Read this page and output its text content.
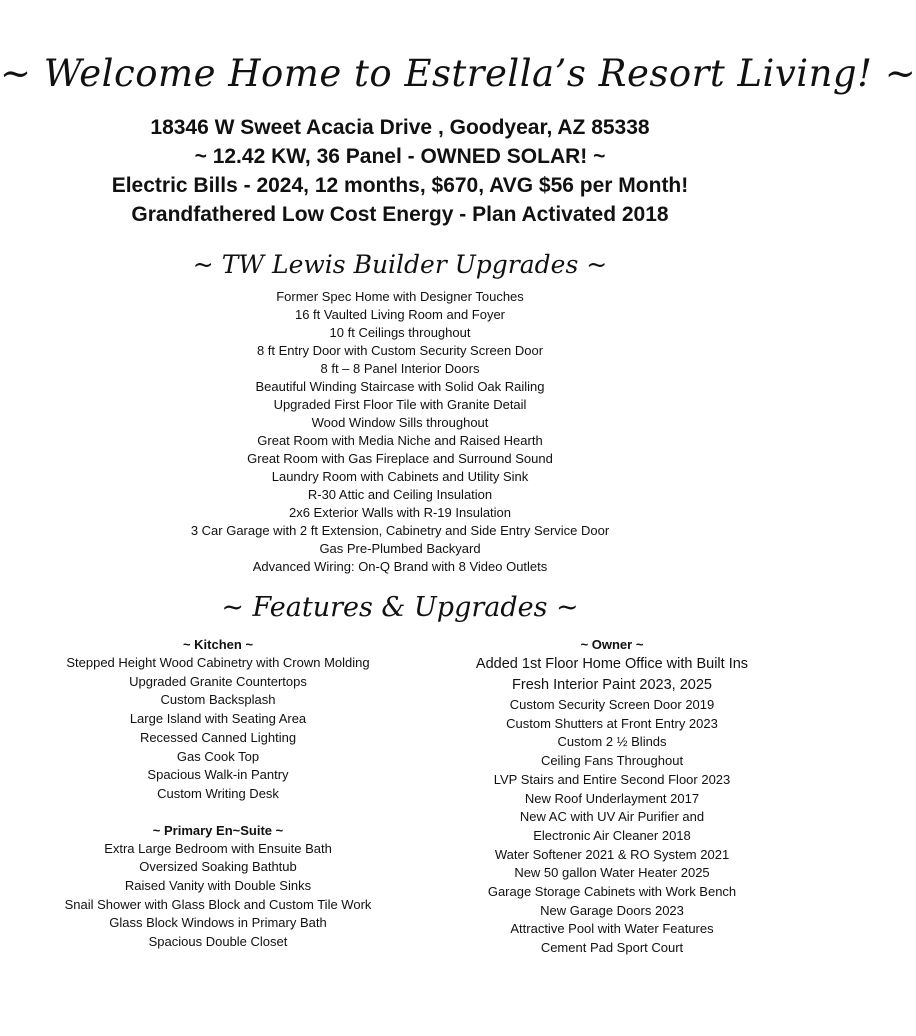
~ Welcome Home to Estrella’s Resort Living! ~
18346 W Sweet Acacia Drive , Goodyear, AZ 85338
~ 12.42 KW, 36 Panel - OWNED SOLAR! ~
Electric Bills - 2024, 12 months, $670, AVG $56 per Month!
Grandfathered Low Cost Energy - Plan Activated 2018
~ TW Lewis Builder Upgrades ~
Former Spec Home with Designer Touches
16 ft Vaulted Living Room and Foyer
10 ft Ceilings throughout
8 ft Entry Door with Custom Security Screen Door
8 ft – 8 Panel Interior Doors
Beautiful Winding Staircase with Solid Oak Railing
Upgraded First Floor Tile with Granite Detail
Wood Window Sills throughout
Great Room with Media Niche and Raised Hearth
Great Room with Gas Fireplace and Surround Sound
Laundry Room with Cabinets and Utility Sink
R-30 Attic and Ceiling Insulation
2x6 Exterior Walls with R-19 Insulation
3 Car Garage with 2 ft Extension, Cabinetry and Side Entry Service Door
Gas Pre-Plumbed Backyard
Advanced Wiring: On-Q Brand with 8 Video Outlets
~ Features & Upgrades ~
~ Kitchen ~
Stepped Height Wood Cabinetry with Crown Molding
Upgraded Granite Countertops
Custom Backsplash
Large Island with Seating Area
Recessed Canned Lighting
Gas Cook Top
Spacious Walk-in Pantry
Custom Writing Desk
~ Primary En~Suite ~
Extra Large Bedroom with Ensuite Bath
Oversized Soaking Bathtub
Raised Vanity with Double Sinks
Snail Shower with Glass Block and Custom Tile Work
Glass Block Windows in Primary Bath
Spacious Double Closet
~ Owner ~
Added 1st Floor Home Office with Built Ins
Fresh Interior Paint 2023, 2025
Custom Security Screen Door 2019
Custom Shutters at Front Entry 2023
Custom 2 ½ Blinds
Ceiling Fans Throughout
LVP Stairs and Entire Second Floor 2023
New Roof Underlayment 2017
New AC with UV Air Purifier and
Electronic Air Cleaner 2018
Water Softener 2021 & RO System 2021
New 50 gallon Water Heater 2025
Garage Storage Cabinets with Work Bench
New Garage Doors 2023
Attractive Pool with Water Features
Cement Pad Sport Court
